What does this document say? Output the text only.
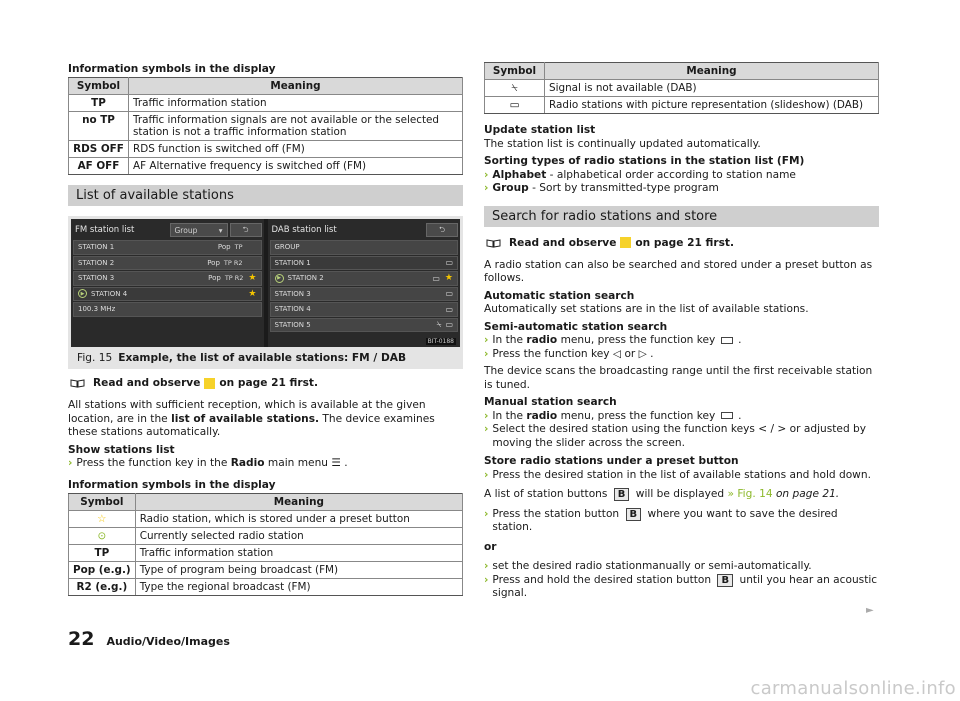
Information symbols in the display
Symbol	Meaning
TP	Traffic information station
no TP	Traffic information signals are not available or the selected station is not a traffic information station
RDS OFF	RDS function is switched off (FM)
AF OFF	AF Alternative frequency is switched off (FM)
List of available stations
FM station list	Group	▾	⮌
STATION 1	Pop TP
STATION 2	Pop TP R2
STATION 3	Pop TP R2 ★
▶ STATION 4	★
100.3 MHz
DAB station list	⮌
GROUP
STATION 1	▭
▶ STATION 2	▭ ★
STATION 3	▭
STATION 4	▭
STATION 5	⍀ ▭
BIT-0188
Fig. 15 Example, the list of available stations: FM / DAB
Read and observe on page 21 first.

All stations with sufficient reception, which is available at the given location, are in the list of available stations. The device examines these stations automatically.

Show stations list

› Press the function key in the Radio main menu ☰ .
Information symbols in the display
Symbol	Meaning
☆	Radio station, which is stored under a preset button
⊙	Currently selected radio station
TP	Traffic information station
Pop (e.g.)	Type of program being broadcast (FM)
R2 (e.g.)	Type the regional broadcast (FM)
Symbol	Meaning
⍀	Signal is not available (DAB)
▭	Radio stations with picture representation (slideshow) (DAB)

Update station list

The station list is continually updated automatically.

Sorting types of radio stations in the station list (FM)

› Alphabet - alphabetical order according to station name
› Group - Sort by transmitted-type program
Search for radio stations and store
Read and observe on page 21 first.

A radio station can also be searched and stored under a preset button as follows.

Automatic station search

Automatically set stations are in the list of available stations.

Semi-automatic station search

› In the radio menu, press the function key .
› Press the function key ◁ or ▷ .

The device scans the broadcasting range until the first receivable station is tuned.

Manual station search

› In the radio menu, press the function key .
› Select the desired station using the function keys < / > or adjusted by moving the slider across the screen.

Store radio stations under a preset button

› Press the desired station in the list of available stations and hold down.

A list of station buttons B will be displayed » Fig. 14 on page 21.

› Press the station button B where you want to save the desired station.

or

› set the desired radio stationmanually or semi-automatically.
› Press and hold the desired station button B until you hear an acoustic signal.
►
22 Audio/Video/Images
carmanualsonline.info
